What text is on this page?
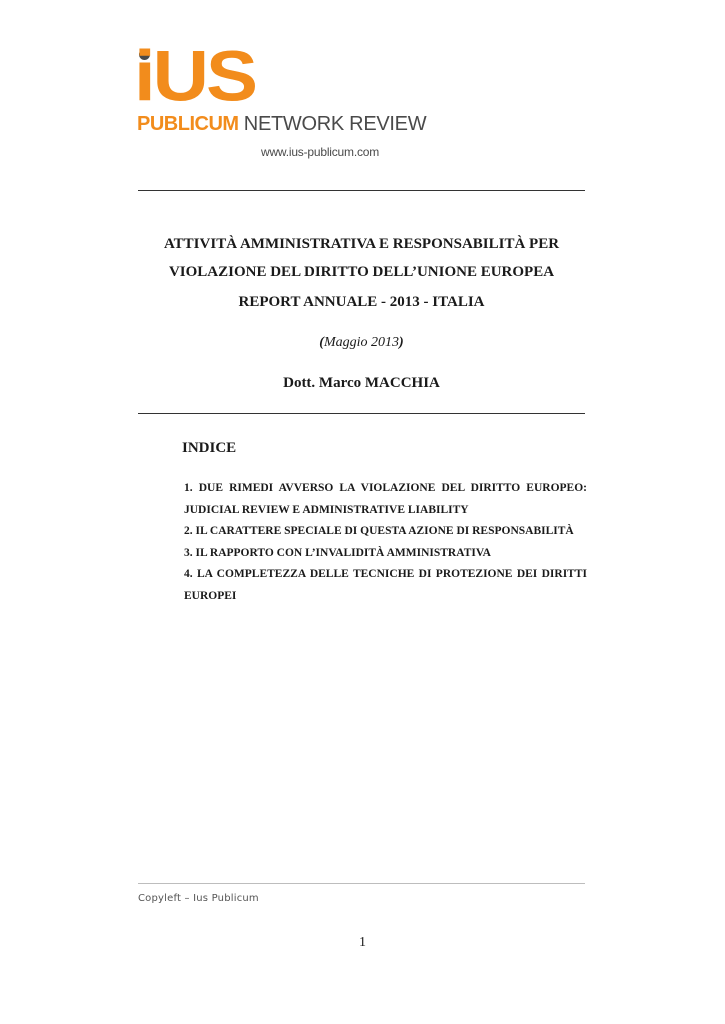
iUS
PUBLICUM NETWORK REVIEW
www.ius-publicum.com
ATTIVITÀ AMMINISTRATIVA E RESPONSABILITÀ PER VIOLAZIONE DEL DIRITTO DELL’UNIONE EUROPEA
REPORT ANNUALE - 2013 - ITALIA
(Maggio 2013)
Dott. Marco MACCHIA
INDICE
1. DUE RIMEDI AVVERSO LA VIOLAZIONE DEL DIRITTO EUROPEO: JUDICIAL REVIEW E ADMINISTRATIVE LIABILITY
2. IL CARATTERE SPECIALE DI QUESTA AZIONE DI RESPONSABILITÀ
3. IL RAPPORTO CON L’INVALIDITÀ AMMINISTRATIVA
4. LA COMPLETEZZA DELLE TECNICHE DI PROTEZIONE DEI DIRITTI EUROPEI
Copyleft – Ius Publicum
1
